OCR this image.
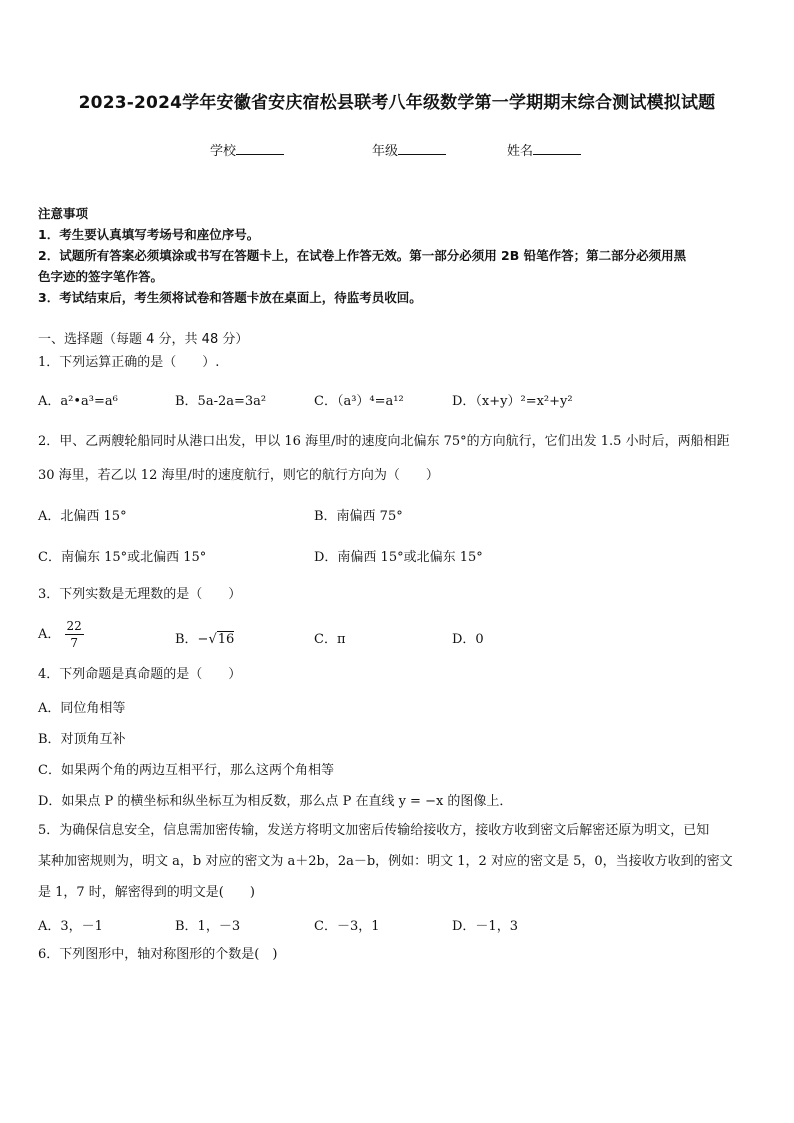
2023-2024学年安徽省安庆宿松县联考八年级数学第一学期期末综合测试模拟试题
学校	年级	姓名
注意事项
1．考生要认真填写考场号和座位序号。
2．试题所有答案必须填涂或书写在答题卡上，在试卷上作答无效。第一部分必须用 2B 铅笔作答；第二部分必须用黑
色字迹的签字笔作答。
3．考试结束后，考生须将试卷和答题卡放在桌面上，待监考员收回。
一、选择题（每题 4 分，共 48 分）
1．下列运算正确的是（　　）.
A．a²•a³=a⁶	B．5a-2a=3a²	C．（a³）⁴=a¹²	D．（x+y）²=x²+y²
2．甲、乙两艘轮船同时从港口出发，甲以 16 海里/时的速度向北偏东 75°的方向航行，它们出发 1.5 小时后，两船相距
30 海里，若乙以 12 海里/时的速度航行，则它的航行方向为（　　）
A．北偏西 15°	B．南偏西 75°
C．南偏东 15°或北偏西 15°	D．南偏西 15°或北偏东 15°
3．下列实数是无理数的是（　　）
A． $\frac{22}{7}$	B．−√16	C．π	D．0
4．下列命题是真命题的是（　　）
A．同位角相等
B．对顶角互补
C．如果两个角的两边互相平行，那么这两个角相等
D．如果点 P 的横坐标和纵坐标互为相反数，那么点 P 在直线 y = −x 的图像上．
5．为确保信息安全，信息需加密传输，发送方将明文加密后传输给接收方，接收方收到密文后解密还原为明文，已知
某种加密规则为，明文 a，b 对应的密文为 a＋2b，2a－b，例如：明文 1，2 对应的密文是 5，0，当接收方收到的密文
是 1，7 时，解密得到的明文是(　　)
A．3，－1	B．1，－3	C．－3，1	D．－1，3
6．下列图形中，轴对称图形的个数是(　)
